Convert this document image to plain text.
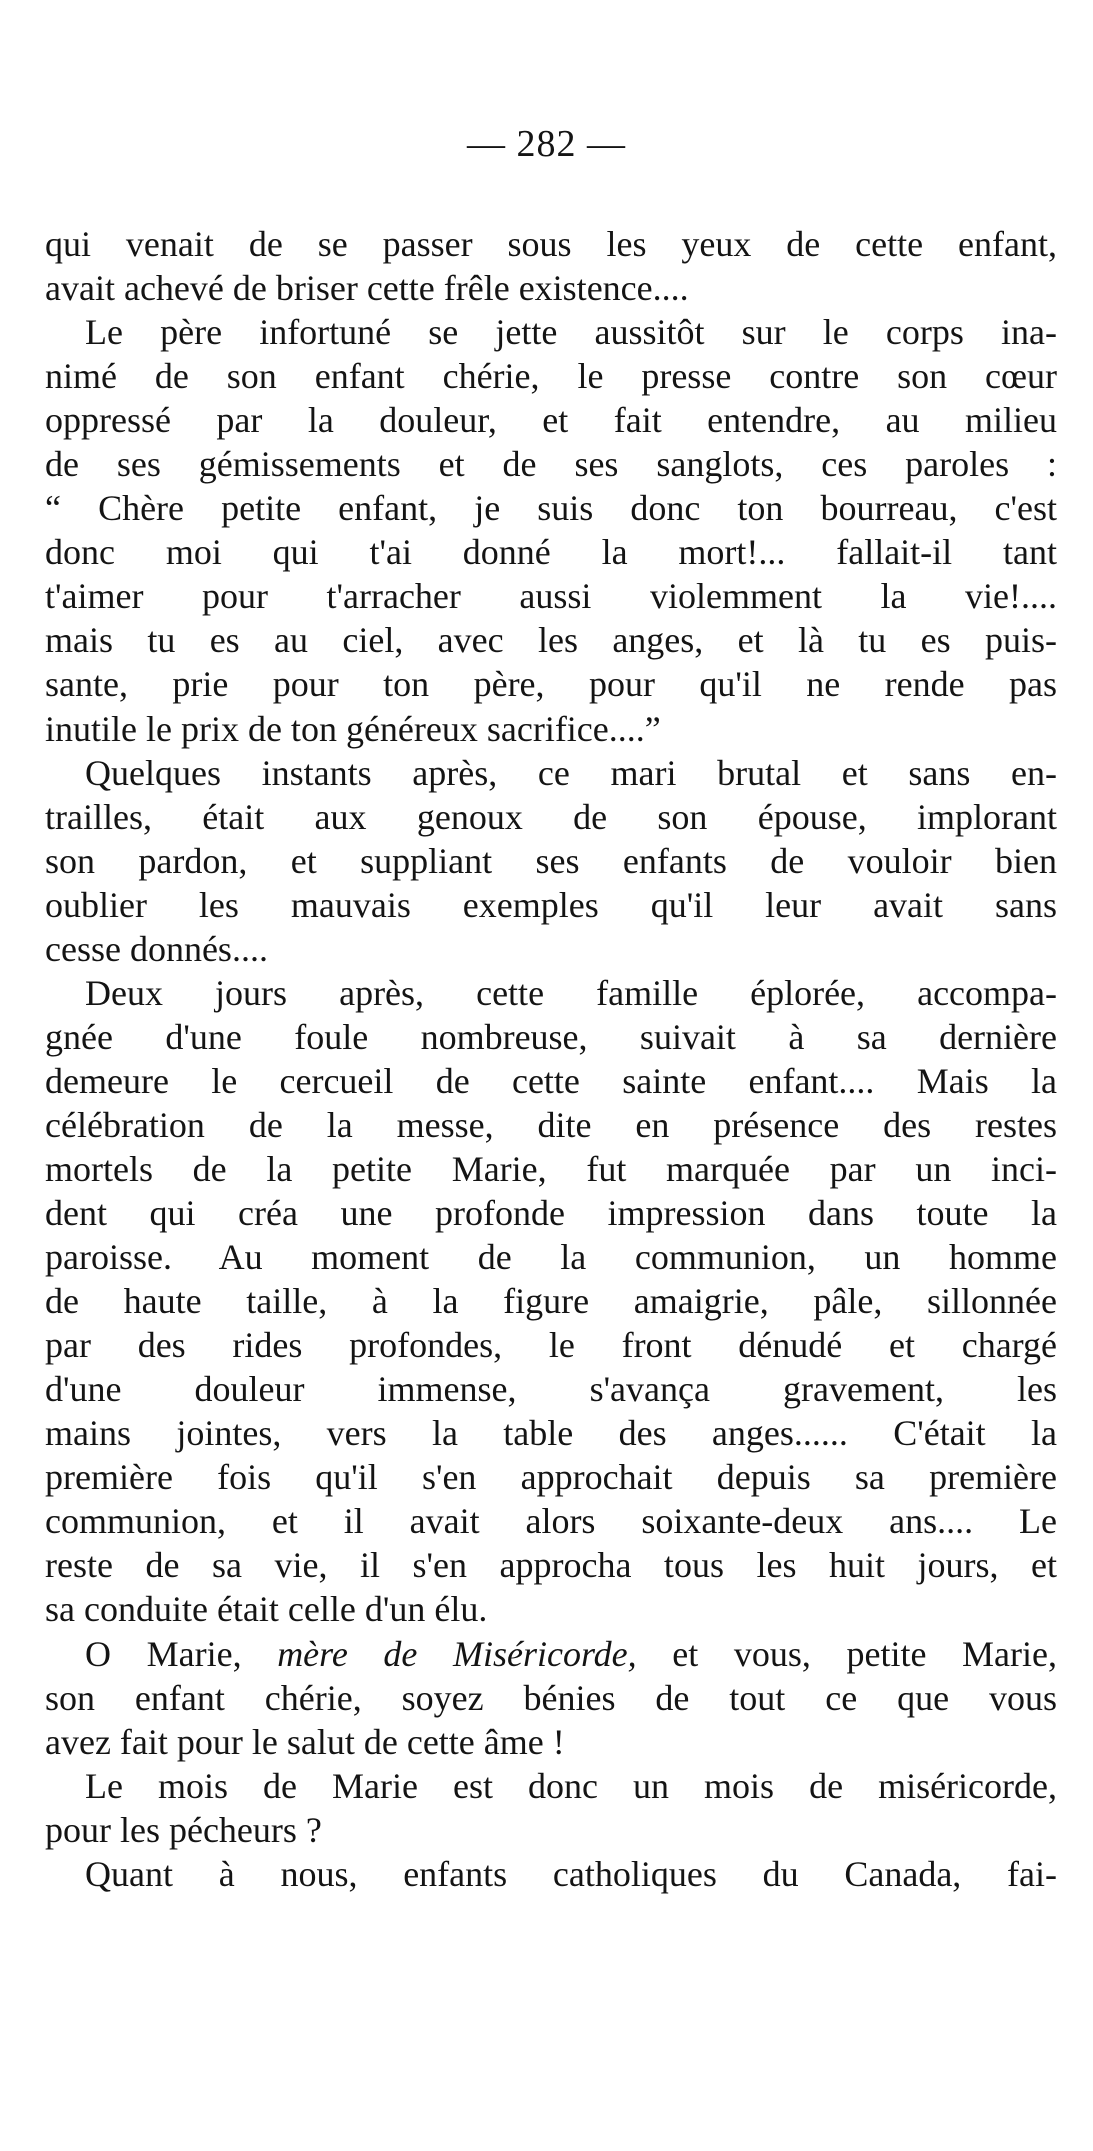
— 282 —
qui venait de se passer sous les yeux de cette enfant,
avait achevé de briser cette frêle existence....
Le père infortuné se jette aussitôt sur le corps ina-
nimé de son enfant chérie, le presse contre son cœur
oppressé par la douleur, et fait entendre, au milieu
de ses gémissements et de ses sanglots, ces paroles :
“ Chère petite enfant, je suis donc ton bourreau, c'est
donc moi qui t'ai donné la mort!... fallait-il tant
t'aimer pour t'arracher aussi violemment la vie!....
mais tu es au ciel, avec les anges, et là tu es puis-
sante, prie pour ton père, pour qu'il ne rende pas
inutile le prix de ton généreux sacrifice....”
Quelques instants après, ce mari brutal et sans en-
trailles, était aux genoux de son épouse, implorant
son pardon, et suppliant ses enfants de vouloir bien
oublier les mauvais exemples qu'il leur avait sans
cesse donnés....
Deux jours après, cette famille éplorée, accompa-
gnée d'une foule nombreuse, suivait à sa dernière
demeure le cercueil de cette sainte enfant.... Mais la
célébration de la messe, dite en présence des restes
mortels de la petite Marie, fut marquée par un inci-
dent qui créa une profonde impression dans toute la
paroisse. Au moment de la communion, un homme
de haute taille, à la figure amaigrie, pâle, sillonnée
par des rides profondes, le front dénudé et chargé
d'une douleur immense, s'avança gravement, les
mains jointes, vers la table des anges...... C'était la
première fois qu'il s'en approchait depuis sa première
communion, et il avait alors soixante-deux ans.... Le
reste de sa vie, il s'en approcha tous les huit jours, et
sa conduite était celle d'un élu.
O Marie, mère de Miséricorde, et vous, petite Marie,
son enfant chérie, soyez bénies de tout ce que vous
avez fait pour le salut de cette âme !
Le mois de Marie est donc un mois de miséricorde,
pour les pécheurs ?
Quant à nous, enfants catholiques du Canada, fai-
